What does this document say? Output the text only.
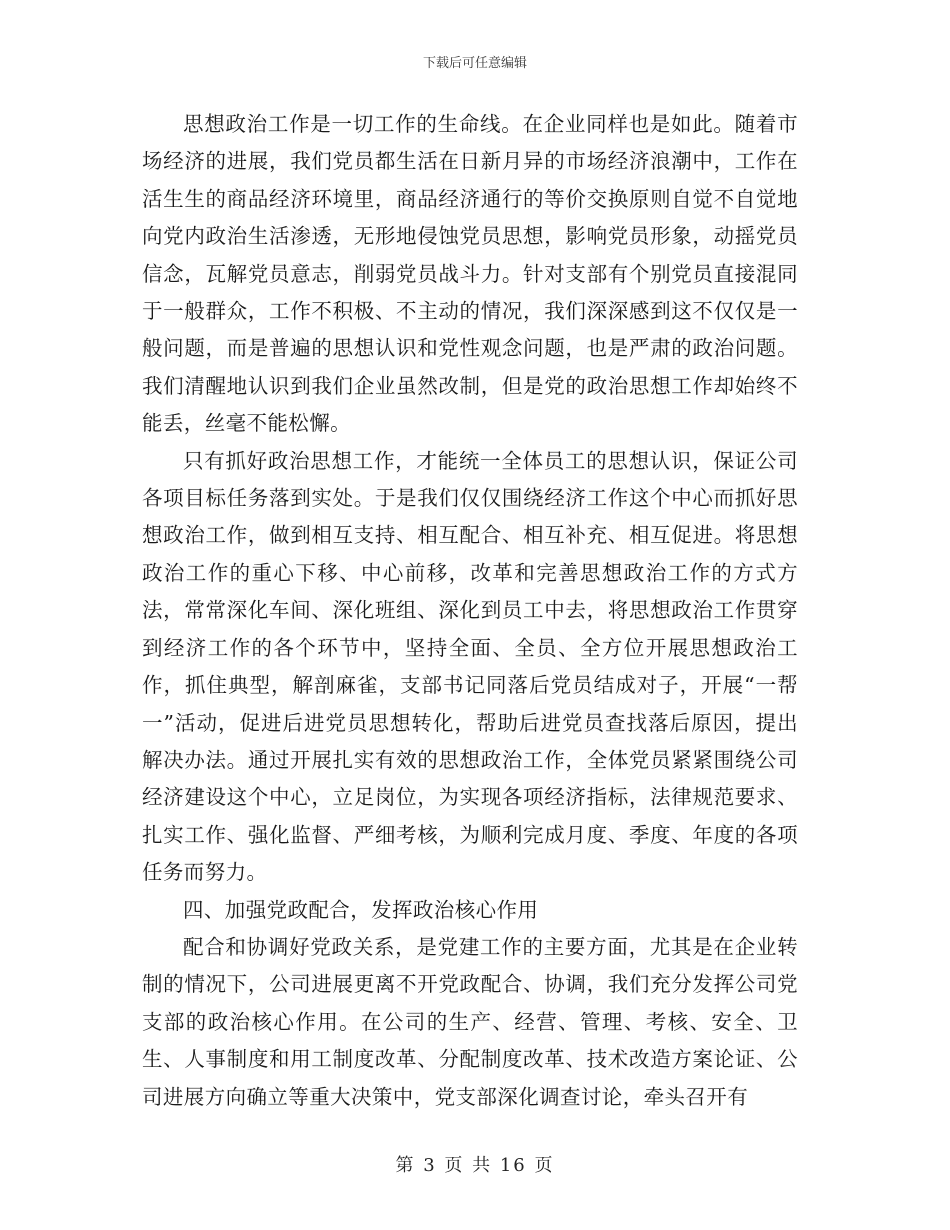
下载后可任意编辑

思想政治工作是一切工作的生命线。在企业同样也是如此。随着市场经济的进展，我们党员都生活在日新月异的市场经济浪潮中，工作在活生生的商品经济环境里，商品经济通行的等价交换原则自觉不自觉地向党内政治生活渗透，无形地侵蚀党员思想，影响党员形象，动摇党员信念，瓦解党员意志，削弱党员战斗力。针对支部有个别党员直接混同于一般群众，工作不积极、不主动的情况，我们深深感到这不仅仅是一般问题，而是普遍的思想认识和党性观念问题，也是严肃的政治问题。我们清醒地认识到我们企业虽然改制，但是党的政治思想工作却始终不能丢，丝毫不能松懈。

只有抓好政治思想工作，才能统一全体员工的思想认识，保证公司各项目标任务落到实处。于是我们仅仅围绕经济工作这个中心而抓好思想政治工作，做到相互支持、相互配合、相互补充、相互促进。将思想政治工作的重心下移、中心前移，改革和完善思想政治工作的方式方法，常常深化车间、深化班组、深化到员工中去，将思想政治工作贯穿到经济工作的各个环节中，坚持全面、全员、全方位开展思想政治工作，抓住典型，解剖麻雀，支部书记同落后党员结成对子，开展“一帮一”活动，促进后进党员思想转化，帮助后进党员查找落后原因，提出解决办法。通过开展扎实有效的思想政治工作，全体党员紧紧围绕公司经济建设这个中心，立足岗位，为实现各项经济指标，法律规范要求、扎实工作、强化监督、严细考核，为顺利完成月度、季度、年度的各项任务而努力。

四、加强党政配合，发挥政治核心作用

配合和协调好党政关系，是党建工作的主要方面，尤其是在企业转制的情况下，公司进展更离不开党政配合、协调，我们充分发挥公司党支部的政治核心作用。在公司的生产、经营、管理、考核、安全、卫生、人事制度和用工制度改革、分配制度改革、技术改造方案论证、公司进展方向确立等重大决策中，党支部深化调查讨论，牵头召开有

第 3 页 共 16 页
